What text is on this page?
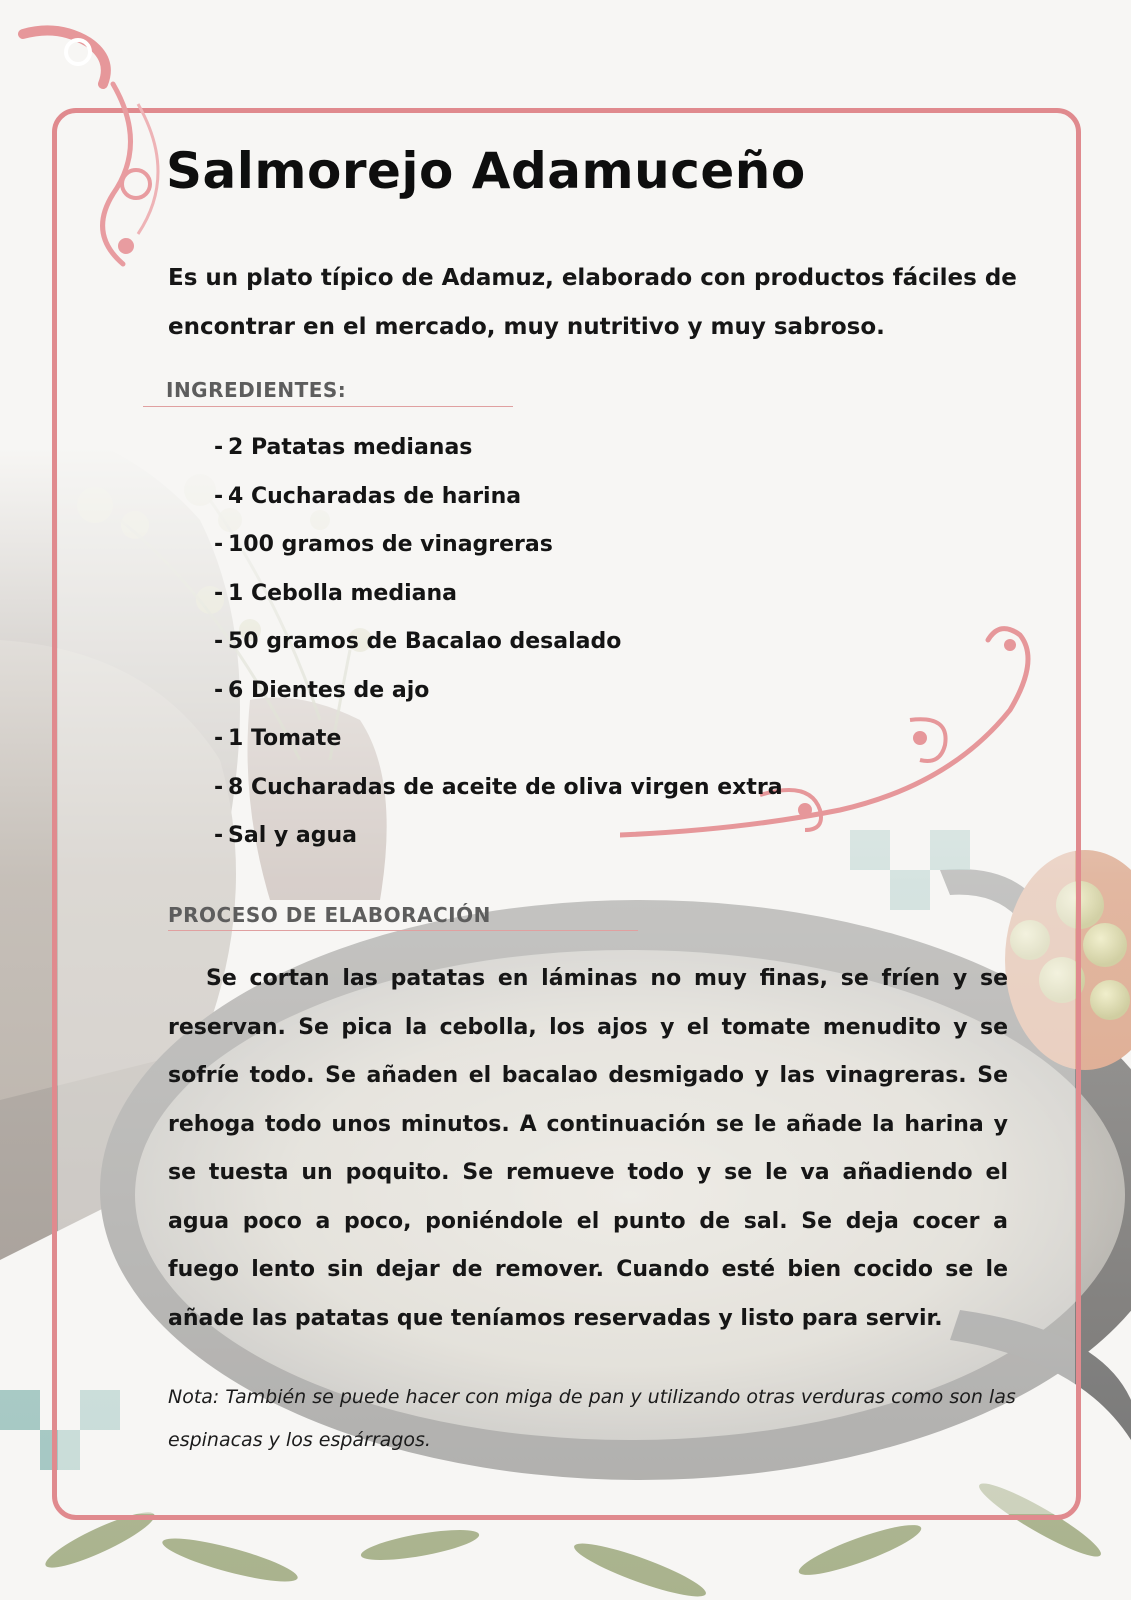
Salmorejo Adamuceño

Es un plato típico de Adamuz, elaborado con productos fáciles de encontrar en el mercado, muy nutritivo y muy sabroso.

INGREDIENTES:
- 2 Patatas medianas
- 4 Cucharadas de harina
- 100 gramos de vinagreras
- 1 Cebolla mediana
- 50 gramos de Bacalao desalado
- 6 Dientes de ajo
- 1 Tomate
- 8 Cucharadas de aceite de oliva virgen extra
- Sal y agua
PROCESO DE ELABORACIÓN

Se cortan las patatas en láminas no muy finas, se fríen y se reservan. Se pica la cebolla, los ajos y el tomate menudito y se sofríe todo. Se añaden el bacalao desmigado y las vinagreras. Se rehoga todo unos minutos. A continuación se le añade la harina y se tuesta un poquito. Se remueve todo y se le va añadiendo el agua poco a poco, poniéndole el punto de sal. Se deja cocer a fuego lento sin dejar de remover. Cuando esté bien cocido se le añade las patatas que teníamos reservadas y listo para servir.

Nota: También se puede hacer con miga de pan y utilizando otras verduras como son las espinacas y los espárragos.
